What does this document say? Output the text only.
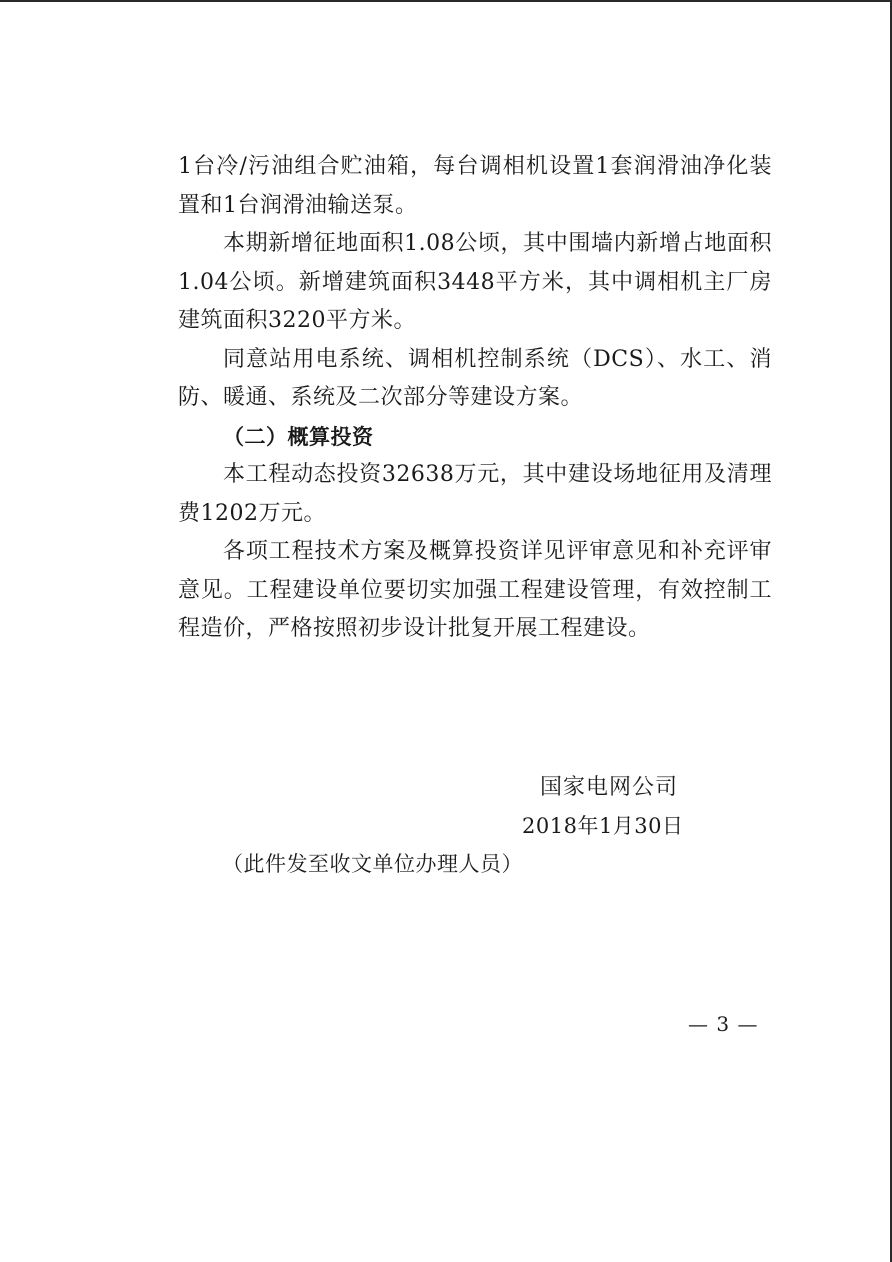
1台冷/污油组合贮油箱，每台调相机设置1套润滑油净化装置和1台润滑油输送泵。

本期新增征地面积1.08公顷，其中围墙内新增占地面积1.04公顷。新增建筑面积3448平方米，其中调相机主厂房建筑面积3220平方米。

同意站用电系统、调相机控制系统（DCS）、水工、消防、暖通、系统及二次部分等建设方案。

（二）概算投资

本工程动态投资32638万元，其中建设场地征用及清理费1202万元。

各项工程技术方案及概算投资详见评审意见和补充评审意见。工程建设单位要切实加强工程建设管理，有效控制工程造价，严格按照初步设计批复开展工程建设。

国家电网公司
2018年1月30日
（此件发至收文单位办理人员）
— 3 —
